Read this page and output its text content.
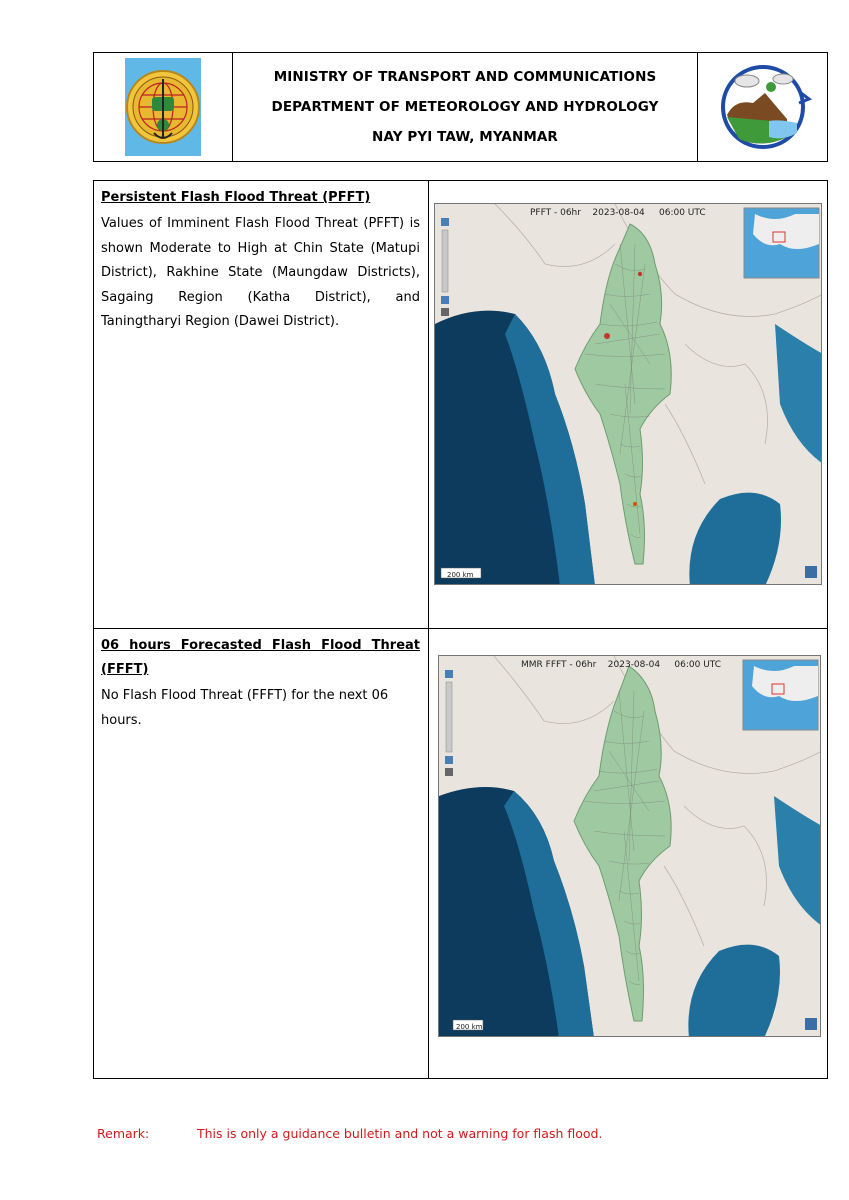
MINISTRY OF TRANSPORT AND COMMUNICATIONS
DEPARTMENT OF METEOROLOGY AND HYDROLOGY
NAY PYI TAW, MYANMAR
Persistent Flash Flood Threat (PFFT)
Values of Imminent Flash Flood Threat (PFFT) is shown Moderate to High at Chin State (Matupi District), Rakhine State (Maungdaw Districts), Sagaing Region (Katha District), and Taningtharyi Region (Dawei District).
PFFT - 06hr    2023-08-04     06:00 UTC
200 km
06 hours Forecasted Flash Flood Threat
(FFFT)
No Flash Flood Threat (FFFT) for the next 06 hours.
MMR FFFT - 06hr    2023-08-04     06:00 UTC
200 km
Remark:	This is only a guidance bulletin and not a warning for flash flood.
